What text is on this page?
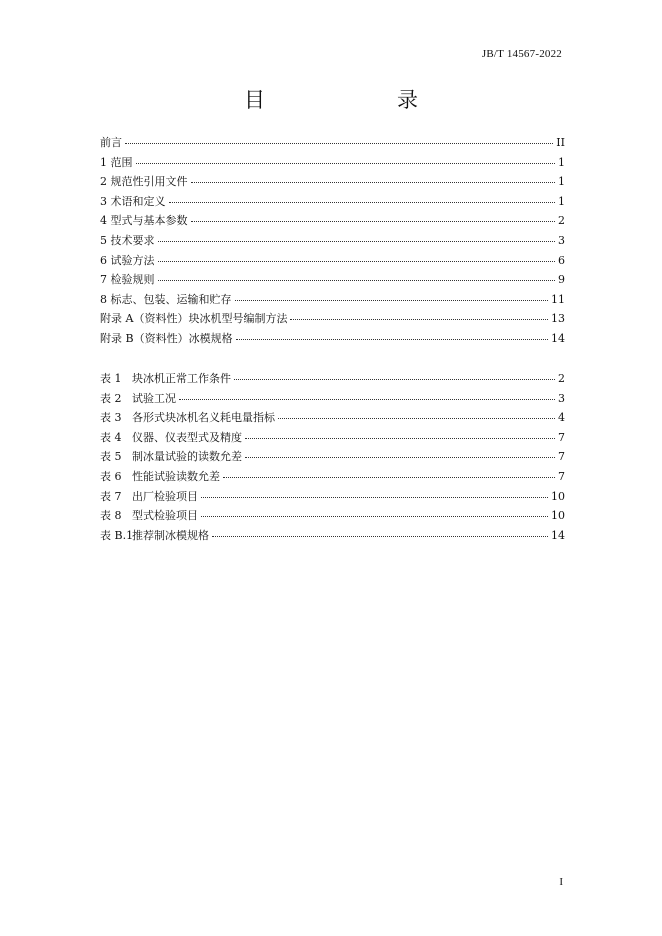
JB/T 14567-2022
目　　录
前言	II
1 范围	1
2 规范性引用文件	1
3 术语和定义	1
4 型式与基本参数	2
5 技术要求	3
6 试验方法	6
7 检验规则	9
8 标志、包装、运输和贮存	11
附录 A（资料性）块冰机型号编制方法	13
附录 B（资料性）冰模规格	14
表 1 块冰机正常工作条件	2
表 2 试验工况	3
表 3 各形式块冰机名义耗电量指标	4
表 4 仪器、仪表型式及精度	7
表 5 制冰量试验的读数允差	7
表 6 性能试验读数允差	7
表 7 出厂检验项目	10
表 8 型式检验项目	10
表 B.1推荐制冰模规格	14
I
